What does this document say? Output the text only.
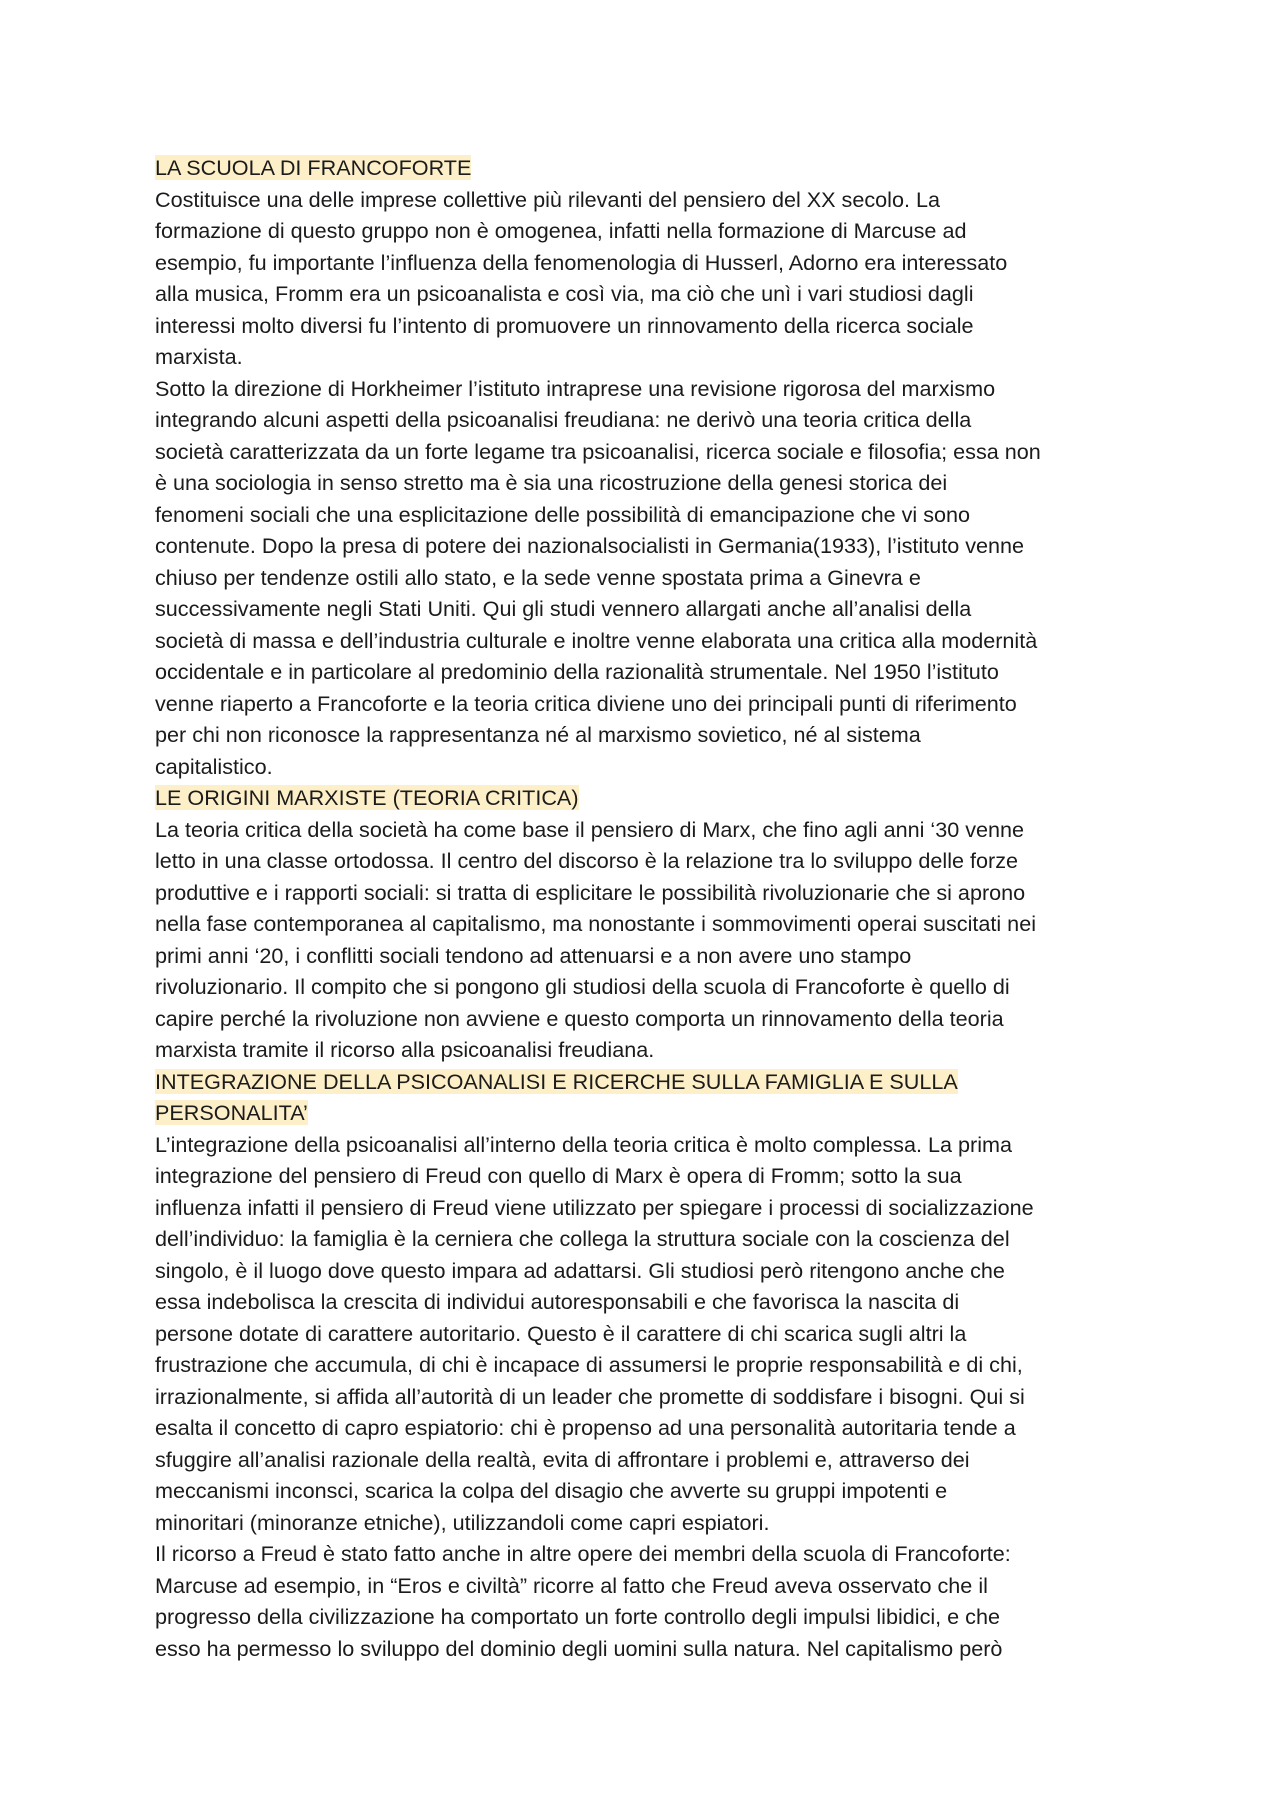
LA SCUOLA DI FRANCOFORTE

Costituisce una delle imprese collettive più rilevanti del pensiero del XX secolo. La
formazione di questo gruppo non è omogenea, infatti nella formazione di Marcuse ad
esempio, fu importante l’influenza della fenomenologia di Husserl, Adorno era interessato
alla musica, Fromm era un psicoanalista e così via, ma ciò che unì i vari studiosi dagli
interessi molto diversi fu l’intento di promuovere un rinnovamento della ricerca sociale
marxista.

Sotto la direzione di Horkheimer l’istituto intraprese una revisione rigorosa del marxismo
integrando alcuni aspetti della psicoanalisi freudiana: ne derivò una teoria critica della
società caratterizzata da un forte legame tra psicoanalisi, ricerca sociale e filosofia; essa non
è una sociologia in senso stretto ma è sia una ricostruzione della genesi storica dei
fenomeni sociali che una esplicitazione delle possibilità di emancipazione che vi sono
contenute. Dopo la presa di potere dei nazionalsocialisti in Germania(1933), l’istituto venne
chiuso per tendenze ostili allo stato, e la sede venne spostata prima a Ginevra e
successivamente negli Stati Uniti. Qui gli studi vennero allargati anche all’analisi della
società di massa e dell’industria culturale e inoltre venne elaborata una critica alla modernità
occidentale e in particolare al predominio della razionalità strumentale. Nel 1950 l’istituto
venne riaperto a Francoforte e la teoria critica diviene uno dei principali punti di riferimento
per chi non riconosce la rappresentanza né al marxismo sovietico, né al sistema
capitalistico.

LE ORIGINI MARXISTE (TEORIA CRITICA)

La teoria critica della società ha come base il pensiero di Marx, che fino agli anni ‘30 venne
letto in una classe ortodossa. Il centro del discorso è la relazione tra lo sviluppo delle forze
produttive e i rapporti sociali: si tratta di esplicitare le possibilità rivoluzionarie che si aprono
nella fase contemporanea al capitalismo, ma nonostante i sommovimenti operai suscitati nei
primi anni ‘20, i conflitti sociali tendono ad attenuarsi e a non avere uno stampo
rivoluzionario. Il compito che si pongono gli studiosi della scuola di Francoforte è quello di
capire perché la rivoluzione non avviene e questo comporta un rinnovamento della teoria
marxista tramite il ricorso alla psicoanalisi freudiana.

INTEGRAZIONE DELLA PSICOANALISI E RICERCHE SULLA FAMIGLIA E SULLA
PERSONALITA’

L’integrazione della psicoanalisi all’interno della teoria critica è molto complessa. La prima
integrazione del pensiero di Freud con quello di Marx è opera di Fromm; sotto la sua
influenza infatti il pensiero di Freud viene utilizzato per spiegare i processi di socializzazione
dell’individuo: la famiglia è la cerniera che collega la struttura sociale con la coscienza del
singolo, è il luogo dove questo impara ad adattarsi. Gli studiosi però ritengono anche che
essa indebolisca la crescita di individui autoresponsabili e che favorisca la nascita di
persone dotate di carattere autoritario. Questo è il carattere di chi scarica sugli altri la
frustrazione che accumula, di chi è incapace di assumersi le proprie responsabilità e di chi,
irrazionalmente, si affida all’autorità di un leader che promette di soddisfare i bisogni. Qui si
esalta il concetto di capro espiatorio: chi è propenso ad una personalità autoritaria tende a
sfuggire all’analisi razionale della realtà, evita di affrontare i problemi e, attraverso dei
meccanismi inconsci, scarica la colpa del disagio che avverte su gruppi impotenti e
minoritari (minoranze etniche), utilizzandoli come capri espiatori.

Il ricorso a Freud è stato fatto anche in altre opere dei membri della scuola di Francoforte:
Marcuse ad esempio, in “Eros e civiltà” ricorre al fatto che Freud aveva osservato che il
progresso della civilizzazione ha comportato un forte controllo degli impulsi libidici, e che
esso ha permesso lo sviluppo del dominio degli uomini sulla natura. Nel capitalismo però
